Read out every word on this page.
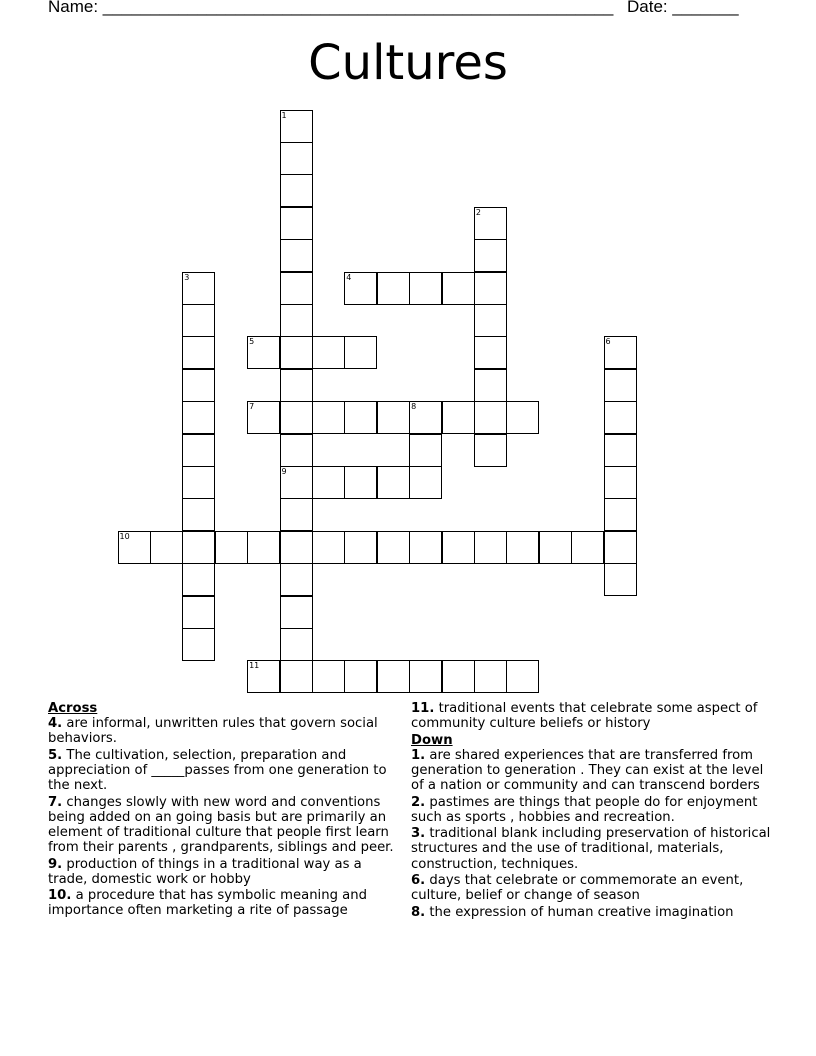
Name: ______________________________________________________ Date: _______
Cultures
1
9
2
3	4
5	6
7	8
10
11
Across
4. are informal, unwritten rules that govern social behaviors.
5. The cultivation, selection, preparation and appreciation of _____passes from one generation to the next.
7. changes slowly with new word and conventions being added on an going basis but are primarily an element of traditional culture that people first learn from their parents , grandparents, siblings and peer.
9. production of things in a traditional way as a trade, domestic work or hobby
10. a procedure that has symbolic meaning and importance often marketing a rite of passage
11. traditional events that celebrate some aspect of community culture beliefs or history
Down
1. are shared experiences that are transferred from generation to generation . They can exist at the level of a nation or community and can transcend borders
2. pastimes are things that people do for enjoyment such as sports , hobbies and recreation.
3. traditional blank including preservation of historical structures and the use of traditional, materials, construction, techniques.
6. days that celebrate or commemorate an event, culture, belief or change of season
8. the expression of human creative imagination
